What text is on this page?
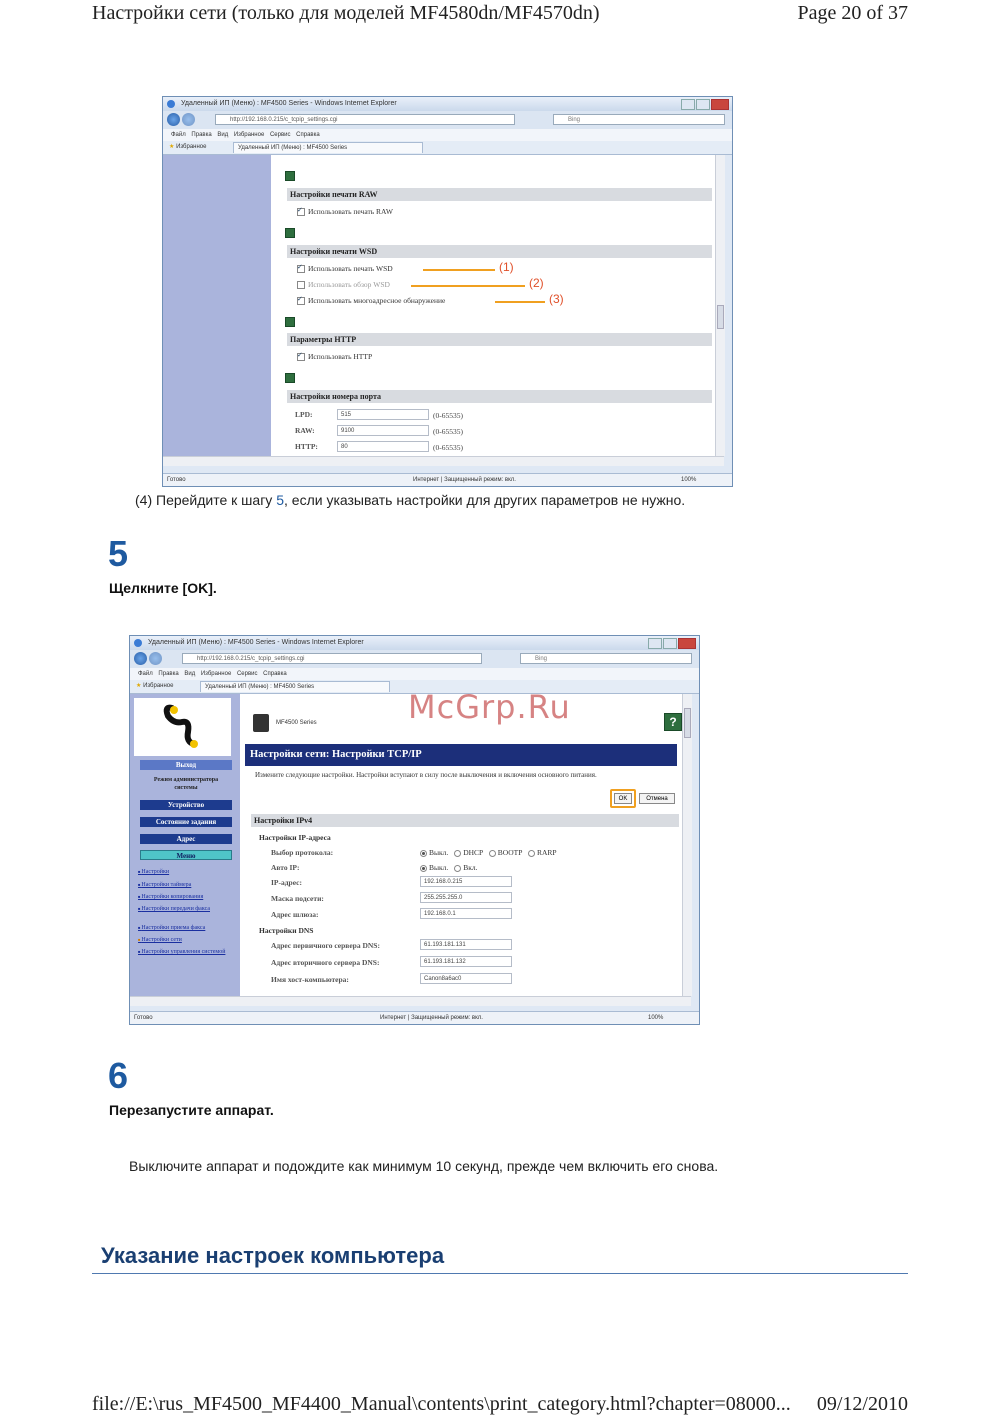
Настройки сети (только для моделей MF4580dn/MF4570dn)	Page 20 of 37
Удаленный ИП (Меню) : MF4500 Series - Windows Internet Explorer
http://192.168.0.215/c_tcpip_settings.cgi	Bing
Файл Правка Вид Избранное Сервис Справка
★ Избранное	Удаленный ИП (Меню) : MF4500 Series
Настройки печати RAW
✓Использовать печать RAW
Настройки печати WSD
✓Использовать печать WSD
Использовать обзор WSD
✓Использовать многоадресное обнаружение
(1)
(2)
(3)
Параметры HTTP
✓Использовать HTTP
Настройки номера порта
LPD:	515	(0-65535)
RAW:	9100	(0-65535)
HTTP:	80	(0-65535)
Готово	Интернет | Защищенный режим: вкл.	100%
(4) Перейдите к шагу 5, если указывать настройки для других параметров не нужно.
5
Щелкните [OK].
Удаленный ИП (Меню) : MF4500 Series - Windows Internet Explorer
http://192.168.0.215/c_tcpip_settings.cgi	Bing
Файл Правка Вид Избранное Сервис Справка
★ Избранное	Удаленный ИП (Меню) : MF4500 Series
Выход
Режим администратора системы
Устройство
Состояние задания
Адрес
Меню
■ Настройки
■ Настройки таймера
■ Настройки копирования
■ Настройки передачи факса
■ Настройки приема факса
■ Настройки сети
■ Настройки управления системой
MF4500 Series	?
Настройки сети: Настройки TCP/IP
Измените следующие настройки. Настройки вступают в силу после выключения и включения основного питания.
OK	Отмена
Настройки IPv4
Настройки IP-адреса
Выбор протокола:	Выкл. DHCP BOOTP RARP
Авто IP:	Выкл. Вкл.
IP-адрес:	192.168.0.215
Маска подсети:	255.255.255.0
Адрес шлюза:	192.168.0.1
Настройки DNS
Адрес первичного сервера DNS:	61.193.181.131
Адрес вторичного сервера DNS:	61.193.181.132
Имя хост-компьютера:	Canon8a6ac0
Готово	Интернет | Защищенный режим: вкл.	100%
McGrp.Ru
6
Перезапустите аппарат.
Выключите аппарат и подождите как минимум 10 секунд, прежде чем включить его снова.
Указание настроек компьютера
file://E:\rus_MF4500_MF4400_Manual\contents\print_category.html?chapter=08000... 09/12/2010
